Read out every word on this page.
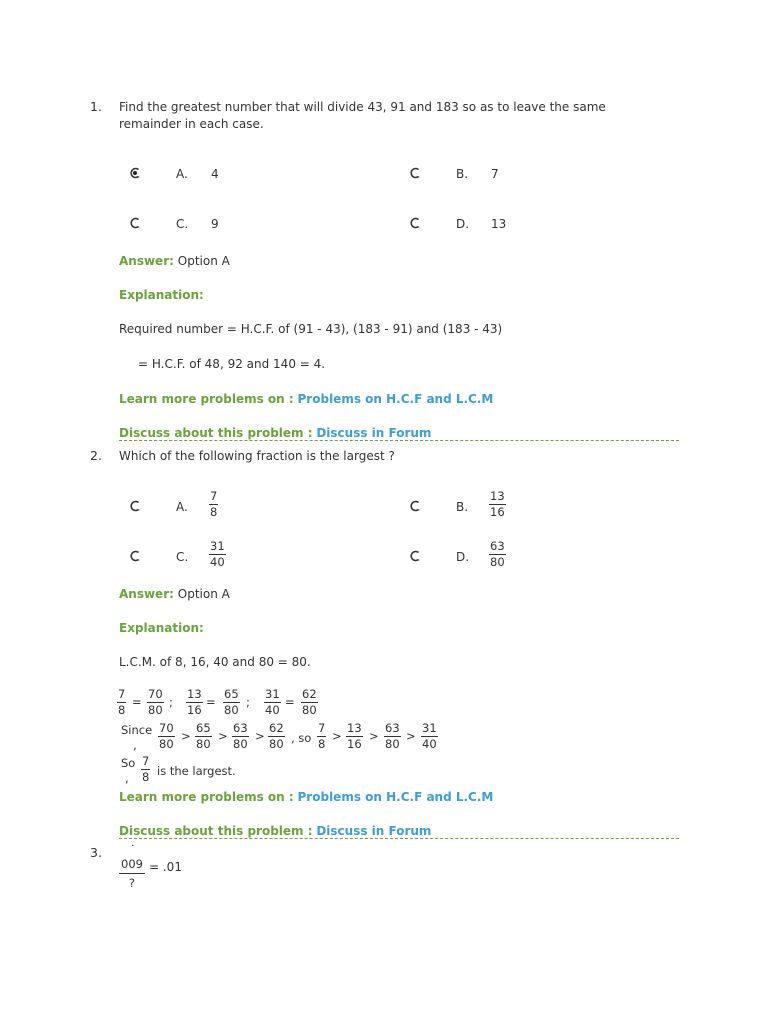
1. Find the greatest number that will divide 43, 91 and 183 so as to leave the same remainder in each case.
A. 4	B. 7
C. 9	D. 13
Answer: Option A
Explanation:
Required number = H.C.F. of (91 - 43), (183 - 91) and (183 - 43)
= H.C.F. of 48, 92 and 140 = 4.
Learn more problems on : Problems on H.C.F and L.C.M
Discuss about this problem : Discuss in Forum
2. Which of the following fraction is the largest ?
A. $\frac{7}{8}$	B. $\frac{13}{16}$
C. $\frac{31}{40}$	D. $\frac{63}{80}$
Answer: Option A
Explanation:
L.C.M. of 8, 16, 40 and 80 = 80.
$\frac{7}{8} \frac{70}{80} \frac{13}{16} \frac{65}{80} \frac{31}{40} \frac{62}{80}$
=	=	=
;	;
Since
, $\frac{70}{80} \frac{65}{80} \frac{63}{80} \frac{62}{80}$
> > > , so $\frac{7}{8} \frac{13}{16} \frac{63}{80} \frac{31}{40}$
> > >
So
, $\frac{7}{8}$ is the largest.
Learn more problems on : Problems on H.C.F and L.C.M
Discuss about this problem : Discuss in Forum
3.
.
009
?
= .01
